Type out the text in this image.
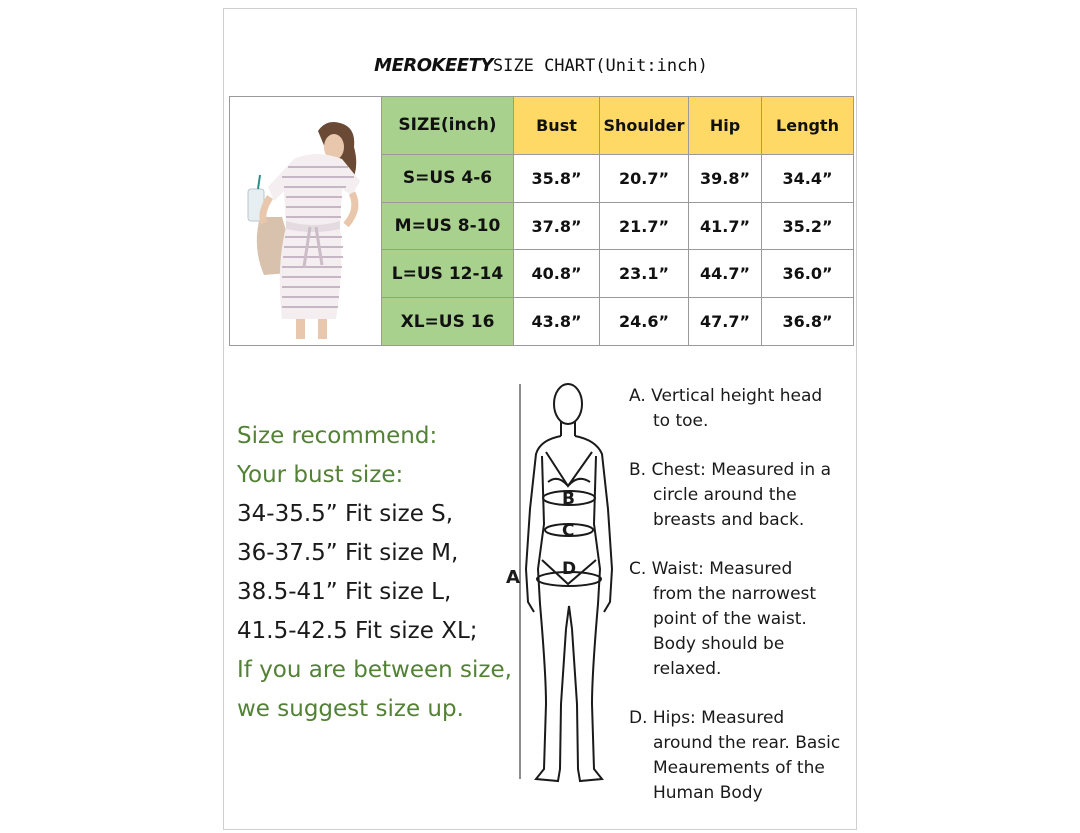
MEROKEETYSIZE CHART(Unit:inch)
	SIZE(inch)	Bust	Shoulder	Hip	Length
	S=US 4-6	35.8”	20.7”	39.8”	34.4”
	M=US 8-10	37.8”	21.7”	41.7”	35.2”
	L=US 12-14	40.8”	23.1”	44.7”	36.0”
	XL=US 16	43.8”	24.6”	47.7”	36.8”
Size recommend:
Your bust size:
34-35.5” Fit size S,
36-37.5” Fit size M,
38.5-41” Fit size L,
41.5-42.5 Fit size XL;
If you are between size,
we suggest size up.
A
B
C
D
A. Vertical height head
to toe.
B. Chest: Measured in a
circle around the breasts and back.
C. Waist: Measured
from the narrowest point of the waist. Body should be relaxed.
D. Hips: Measured
around the rear. Basic Meaurements of the Human Body
